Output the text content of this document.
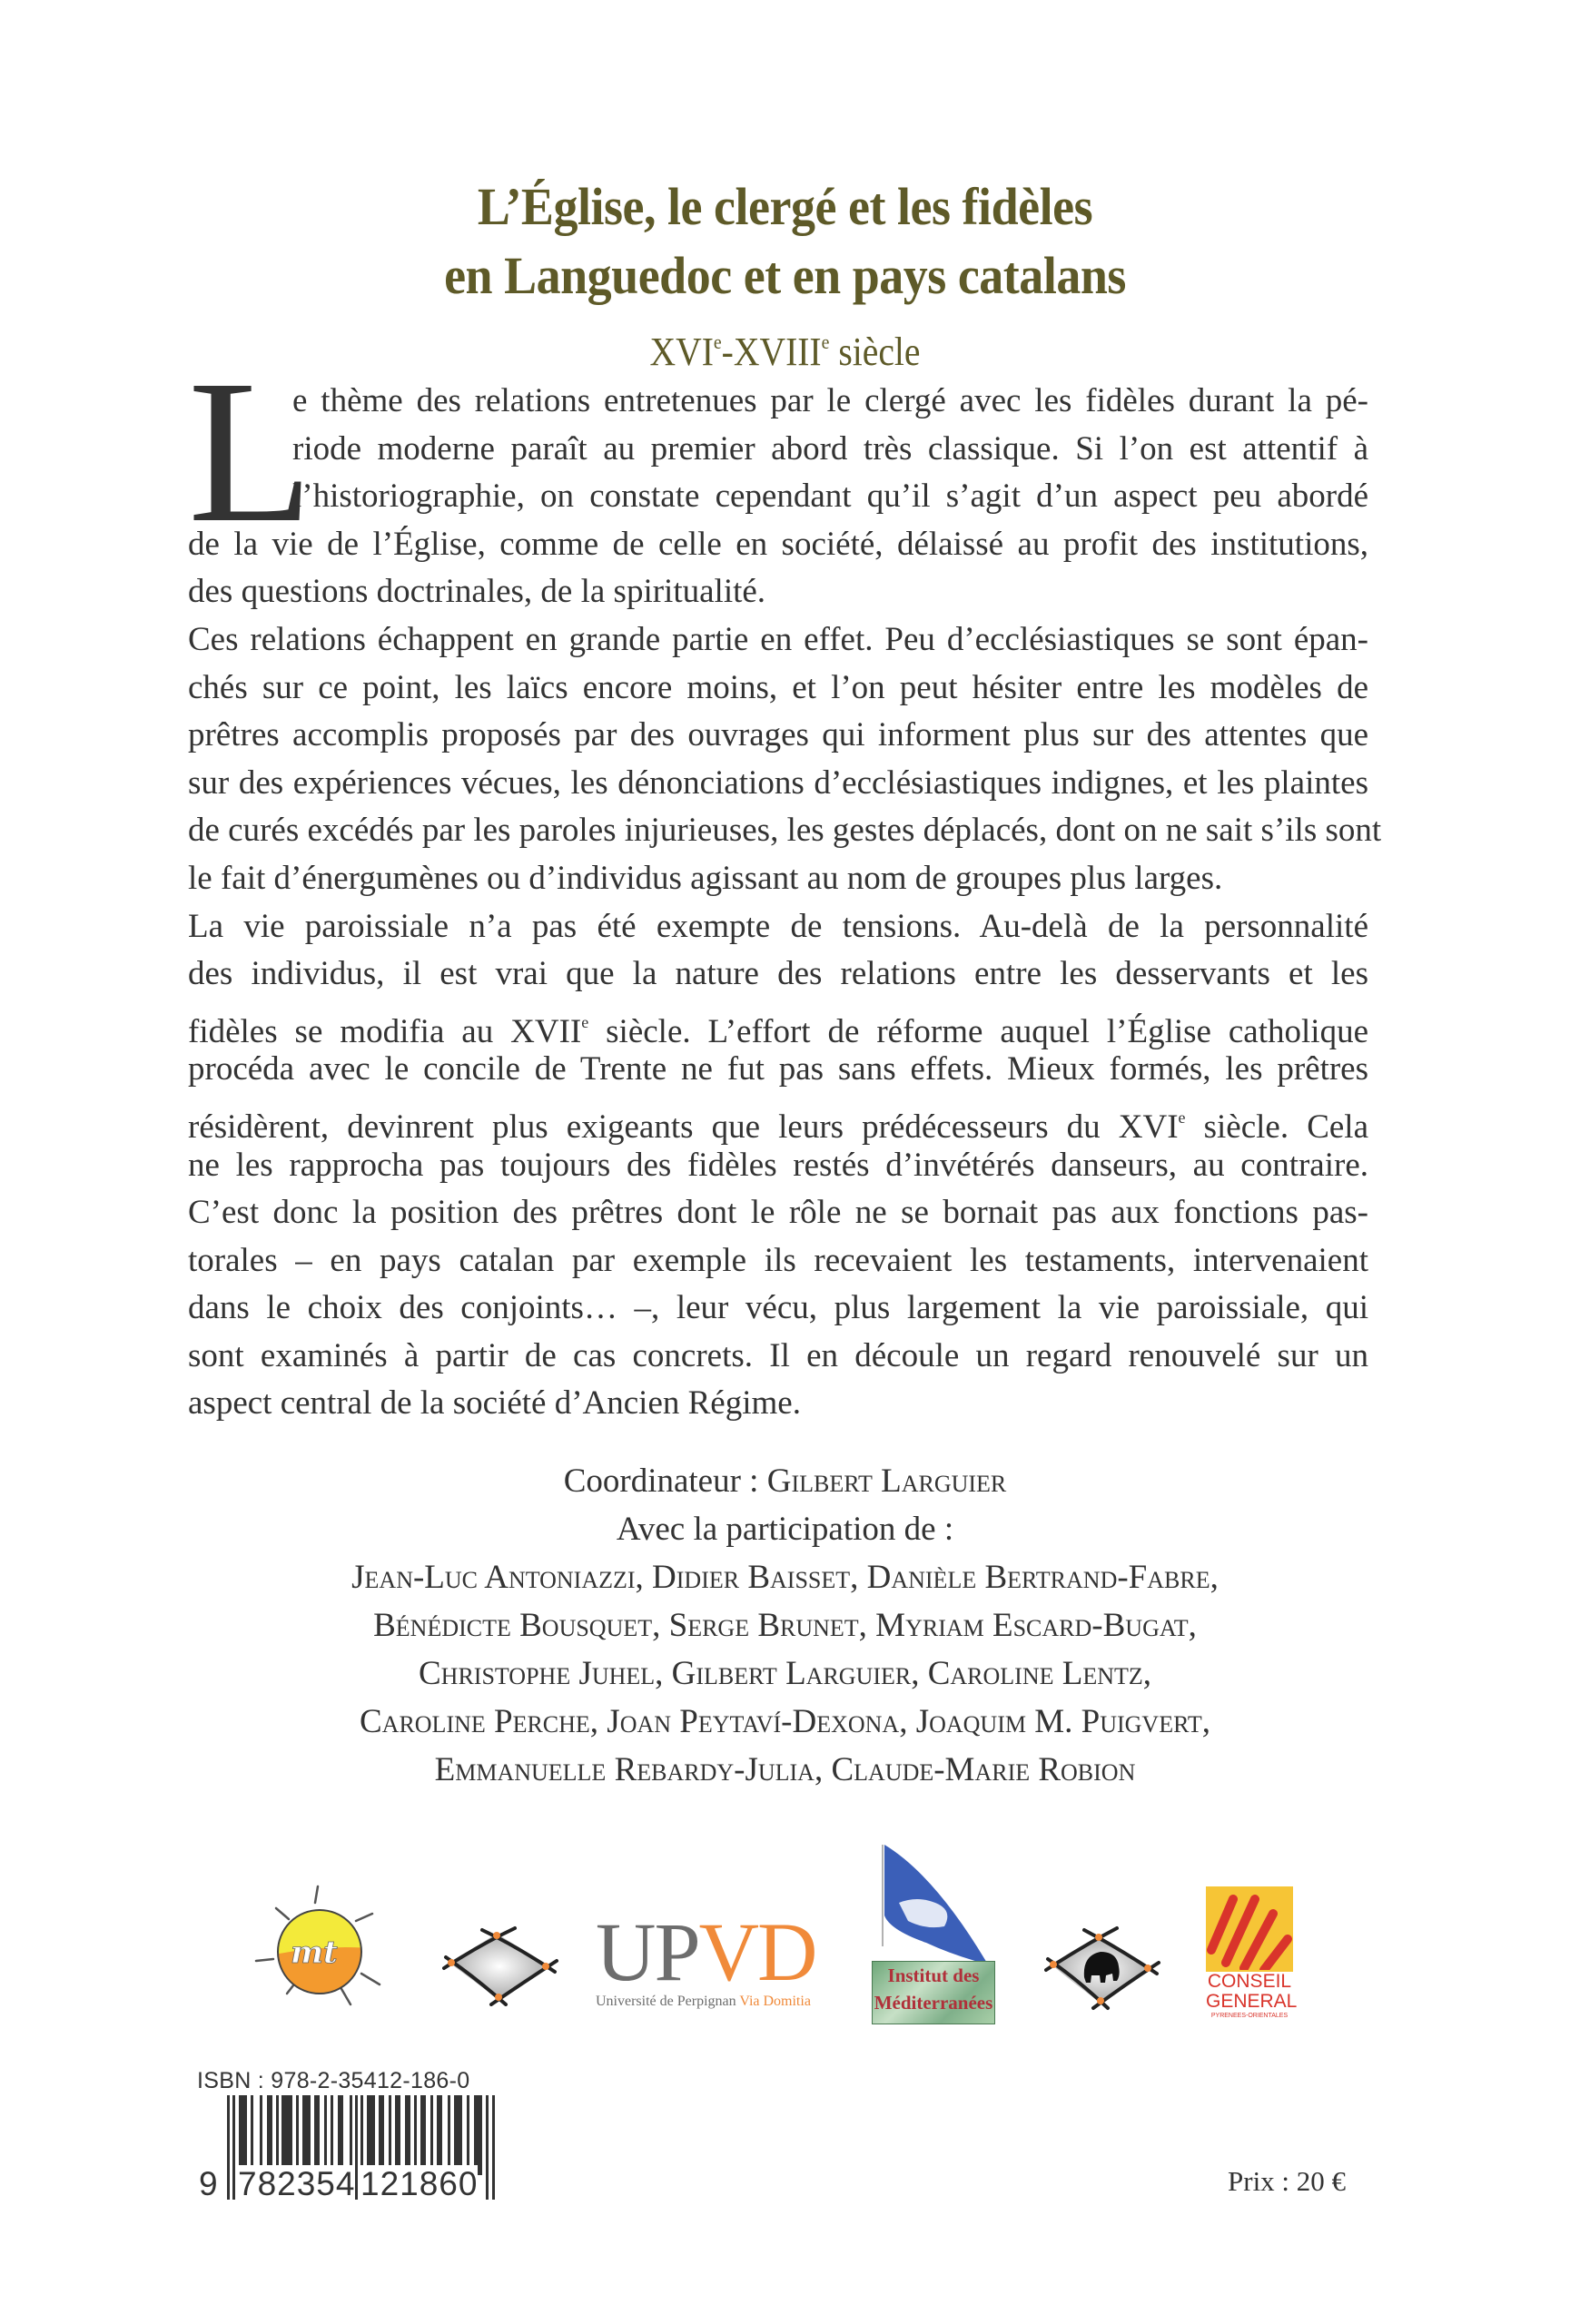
L’Église, le clergé et les fidèles
en Languedoc et en pays catalans
XVIe-XVIIIe siècle
L
e thème des relations entretenues par le clergé avec les fidèles durant la pé-
riode moderne paraît au premier abord très classique. Si l’on est attentif à
l’historiographie, on constate cependant qu’il s’agit d’un aspect peu abordé
de la vie de l’Église, comme de celle en société, délaissé au profit des institutions,
des questions doctrinales, de la spiritualité.
Ces relations échappent en grande partie en effet. Peu d’ecclésiastiques se sont épan-
chés sur ce point, les laïcs encore moins, et l’on peut hésiter entre les modèles de
prêtres accomplis proposés par des ouvrages qui informent plus sur des attentes que
sur des expériences vécues, les dénonciations d’ecclésiastiques indignes, et les plaintes
de curés excédés par les paroles injurieuses, les gestes déplacés, dont on ne sait s’ils sont
le fait d’énergumènes ou d’individus agissant au nom de groupes plus larges.
La vie paroissiale n’a pas été exempte de tensions. Au-delà de la personnalité
des individus, il est vrai que la nature des relations entre les desservants et les
fidèles se modifia au XVIIe siècle. L’effort de réforme auquel l’Église catholique
procéda avec le concile de Trente ne fut pas sans effets. Mieux formés, les prêtres
résidèrent, devinrent plus exigeants que leurs prédécesseurs du XVIe siècle. Cela
ne les rapprocha pas toujours des fidèles restés d’invétérés danseurs, au contraire.
C’est donc la position des prêtres dont le rôle ne se bornait pas aux fonctions pas-
torales – en pays catalan par exemple ils recevaient les testaments, intervenaient
dans le choix des conjoints… –, leur vécu, plus largement la vie paroissiale, qui
sont examinés à partir de cas concrets. Il en découle un regard renouvelé sur un
aspect central de la société d’Ancien Régime.
Coordinateur : Gilbert Larguier
Avec la participation de :
Jean-Luc Antoniazzi, Didier Baisset, Danièle Bertrand-Fabre,
Bénédicte Bousquet, Serge Brunet, Myriam Escard-Bugat,
Christophe Juhel, Gilbert Larguier, Caroline Lentz,
Caroline Perche, Joan Peytaví-Dexona, Joaquim M. Puigvert,
Emmanuelle Rebardy-Julia, Claude-Marie Robion
mt	UPVD
Université de Perpignan Via Domitia
Institut des
Méditerranées
CONSEIL
GENERAL
PYRENEES-ORIENTALES
ISBN : 978-2-35412-186-0
9 782354 121860	Prix : 20 €
